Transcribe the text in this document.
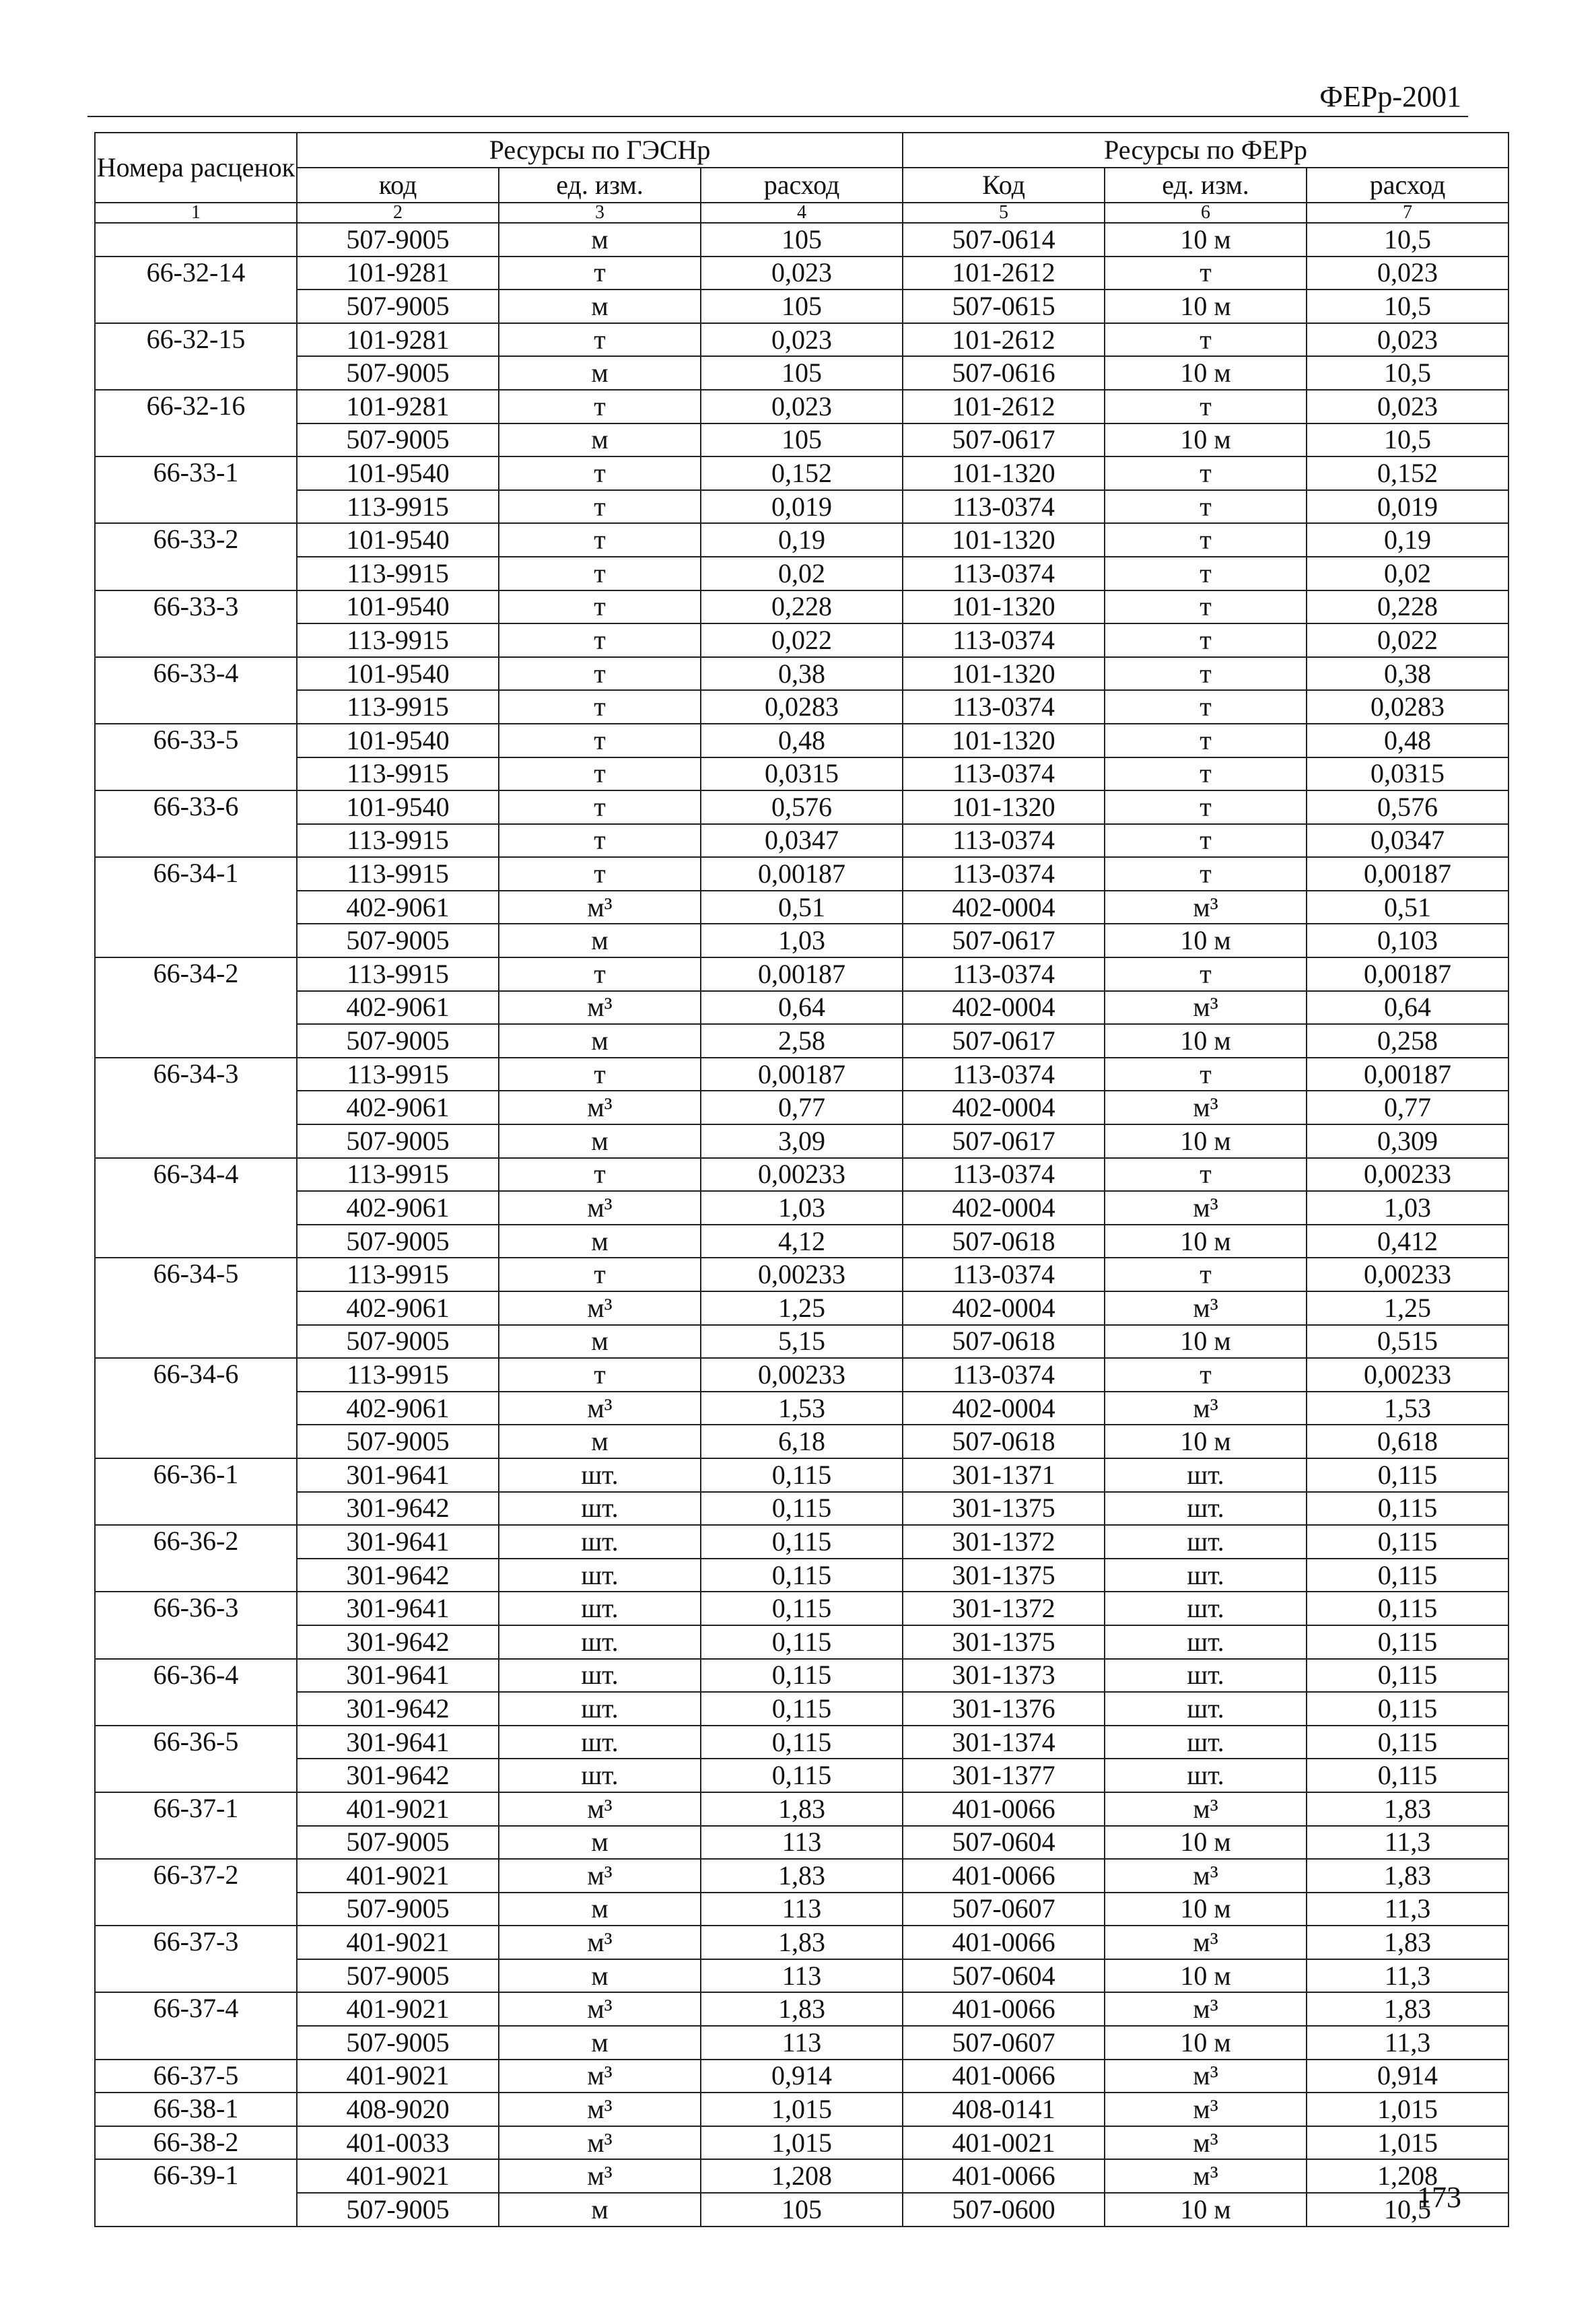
ФЕРр-2001
Номера расценок	Ресурсы по ГЭСНр			Ресурсы по ФЕРр		
	код	ед. изм.	расход	Код	ед. изм.	расход
1	2	3	4	5	6	7
	507-9005	м	105	507-0614	10 м	10,5
66-32-14	101-9281	т	0,023	101-2612	т	0,023
	507-9005	м	105	507-0615	10 м	10,5
66-32-15	101-9281	т	0,023	101-2612	т	0,023
	507-9005	м	105	507-0616	10 м	10,5
66-32-16	101-9281	т	0,023	101-2612	т	0,023
	507-9005	м	105	507-0617	10 м	10,5
66-33-1	101-9540	т	0,152	101-1320	т	0,152
	113-9915	т	0,019	113-0374	т	0,019
66-33-2	101-9540	т	0,19	101-1320	т	0,19
	113-9915	т	0,02	113-0374	т	0,02
66-33-3	101-9540	т	0,228	101-1320	т	0,228
	113-9915	т	0,022	113-0374	т	0,022
66-33-4	101-9540	т	0,38	101-1320	т	0,38
	113-9915	т	0,0283	113-0374	т	0,0283
66-33-5	101-9540	т	0,48	101-1320	т	0,48
	113-9915	т	0,0315	113-0374	т	0,0315
66-33-6	101-9540	т	0,576	101-1320	т	0,576
	113-9915	т	0,0347	113-0374	т	0,0347
66-34-1	113-9915	т	0,00187	113-0374	т	0,00187
	402-9061	м³	0,51	402-0004	м³	0,51
	507-9005	м	1,03	507-0617	10 м	0,103
66-34-2	113-9915	т	0,00187	113-0374	т	0,00187
	402-9061	м³	0,64	402-0004	м³	0,64
	507-9005	м	2,58	507-0617	10 м	0,258
66-34-3	113-9915	т	0,00187	113-0374	т	0,00187
	402-9061	м³	0,77	402-0004	м³	0,77
	507-9005	м	3,09	507-0617	10 м	0,309
66-34-4	113-9915	т	0,00233	113-0374	т	0,00233
	402-9061	м³	1,03	402-0004	м³	1,03
	507-9005	м	4,12	507-0618	10 м	0,412
66-34-5	113-9915	т	0,00233	113-0374	т	0,00233
	402-9061	м³	1,25	402-0004	м³	1,25
	507-9005	м	5,15	507-0618	10 м	0,515
66-34-6	113-9915	т	0,00233	113-0374	т	0,00233
	402-9061	м³	1,53	402-0004	м³	1,53
	507-9005	м	6,18	507-0618	10 м	0,618
66-36-1	301-9641	шт.	0,115	301-1371	шт.	0,115
	301-9642	шт.	0,115	301-1375	шт.	0,115
66-36-2	301-9641	шт.	0,115	301-1372	шт.	0,115
	301-9642	шт.	0,115	301-1375	шт.	0,115
66-36-3	301-9641	шт.	0,115	301-1372	шт.	0,115
	301-9642	шт.	0,115	301-1375	шт.	0,115
66-36-4	301-9641	шт.	0,115	301-1373	шт.	0,115
	301-9642	шт.	0,115	301-1376	шт.	0,115
66-36-5	301-9641	шт.	0,115	301-1374	шт.	0,115
	301-9642	шт.	0,115	301-1377	шт.	0,115
66-37-1	401-9021	м³	1,83	401-0066	м³	1,83
	507-9005	м	113	507-0604	10 м	11,3
66-37-2	401-9021	м³	1,83	401-0066	м³	1,83
	507-9005	м	113	507-0607	10 м	11,3
66-37-3	401-9021	м³	1,83	401-0066	м³	1,83
	507-9005	м	113	507-0604	10 м	11,3
66-37-4	401-9021	м³	1,83	401-0066	м³	1,83
	507-9005	м	113	507-0607	10 м	11,3
66-37-5	401-9021	м³	0,914	401-0066	м³	0,914
66-38-1	408-9020	м³	1,015	408-0141	м³	1,015
66-38-2	401-0033	м³	1,015	401-0021	м³	1,015
66-39-1	401-9021	м³	1,208	401-0066	м³	1,208
	507-9005	м	105	507-0600	10 м	10,5
173
